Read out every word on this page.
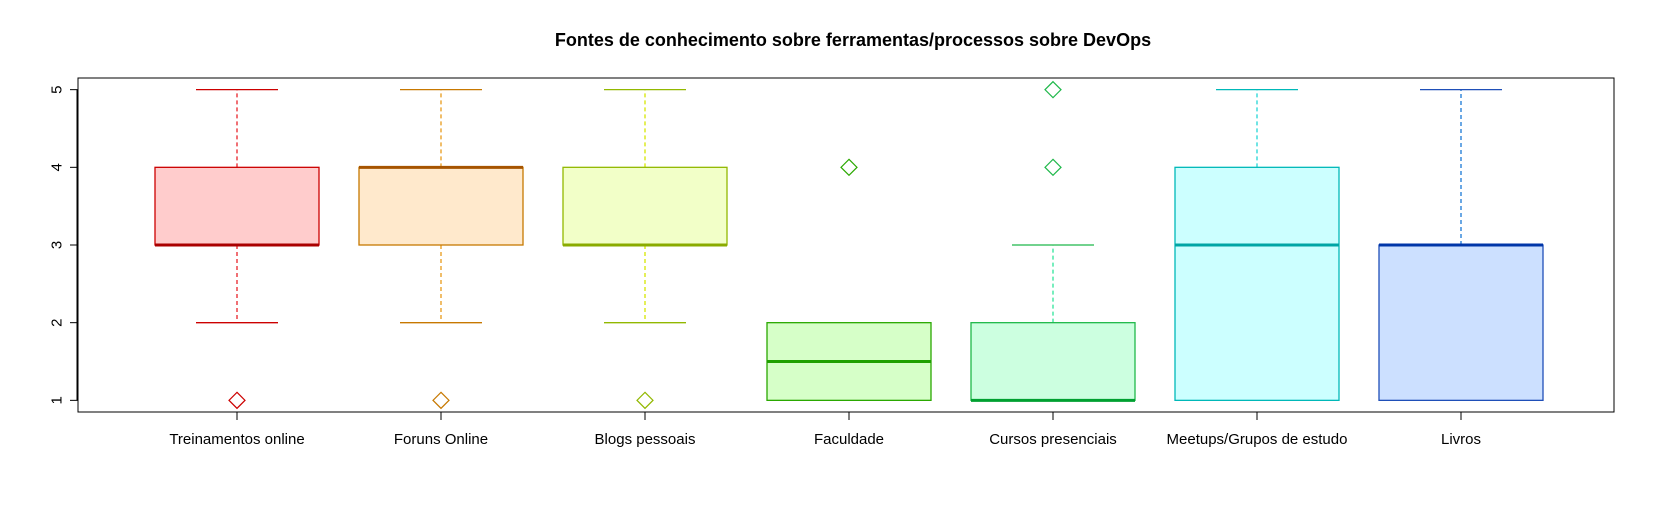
Fontes de conhecimento sobre ferramentas/processos sobre DevOps
1
2
3
4
5
Treinamentos online	Foruns Online	Blogs pessoais	Faculdade	Cursos presenciais	Meetups/Grupos de estudo	Livros
